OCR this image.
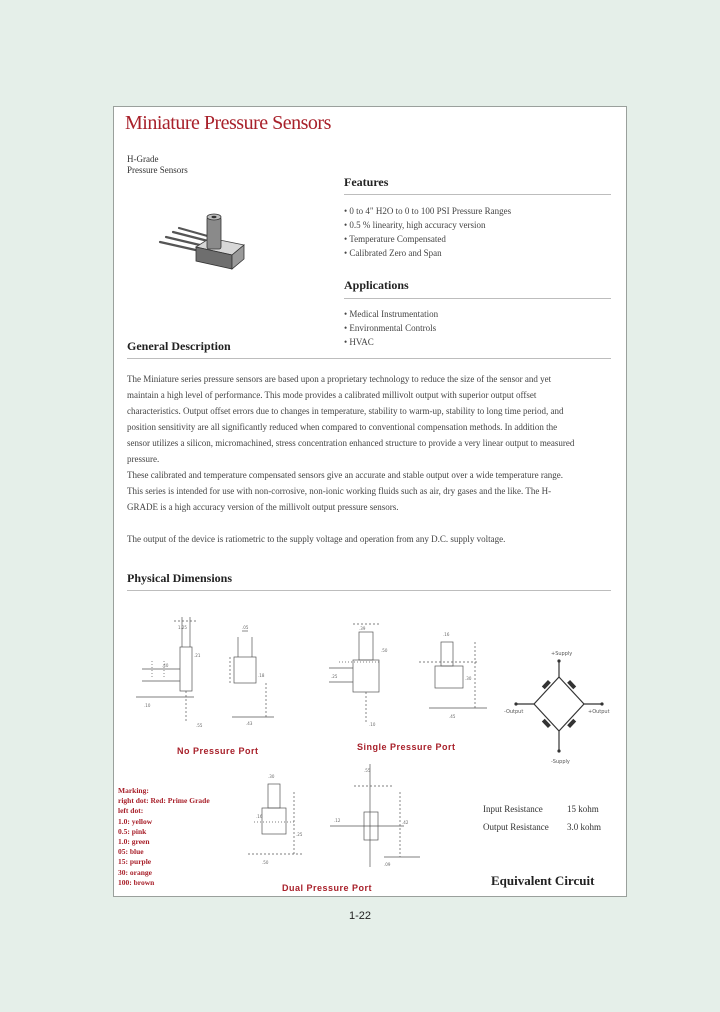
Miniature Pressure Sensors
H-Grade
Pressure Sensors
Features
• 0 to 4" H2O to 0 to 100 PSI Pressure Ranges
• 0.5 % linearity, high accuracy version
• Temperature Compensated
• Calibrated Zero and Span
Applications
• Medical Instrumentation
• Environmental Controls
• HVAC
General Description
The Miniature series pressure sensors are based upon a proprietary technology to reduce the size of the sensor and yet maintain a high level of performance. This mode provides a calibrated millivolt output with superior output offset characteristics. Output offset errors due to changes in temperature, stability to warm-up, stability to long time period, and position sensitivity are all significantly reduced when compared to conventional compensation methods. In addition the sensor utilizes a silicon, micromachined, stress concentration enhanced structure to provide a very linear output to measured pressure.
These calibrated and temperature compensated sensors give an accurate and stable output over a wide temperature range. This series is intended for use with non-corrosive, non-ionic working fluids such as air, dry gases and the like. The H-GRADE is a high accuracy version of the millivolt output pressure sensors.
The output of the device is ratiometric to the supply voltage and operation from any D.C. supply voltage.
Physical Dimensions
1.25
.21
.40
.10
.55
.05
.18
.43
No Pressure Port
.39
.50
.25
.10
.16
.30
.45
Single Pressure Port
+Supply
-Output	+Output
-Supply
Marking:
right dot: Red: Prime Grade
left dot:
1.0: yellow
0.5: pink
1.0: green
05: blue
15: purple
30: orange
100: brown
.30
.16
.25
.50
.55
.42
.12
.09
Dual Pressure Port
Input Resistance	15 kohm
Output Resistance 3.0 kohm
Equivalent Circuit
1-22
